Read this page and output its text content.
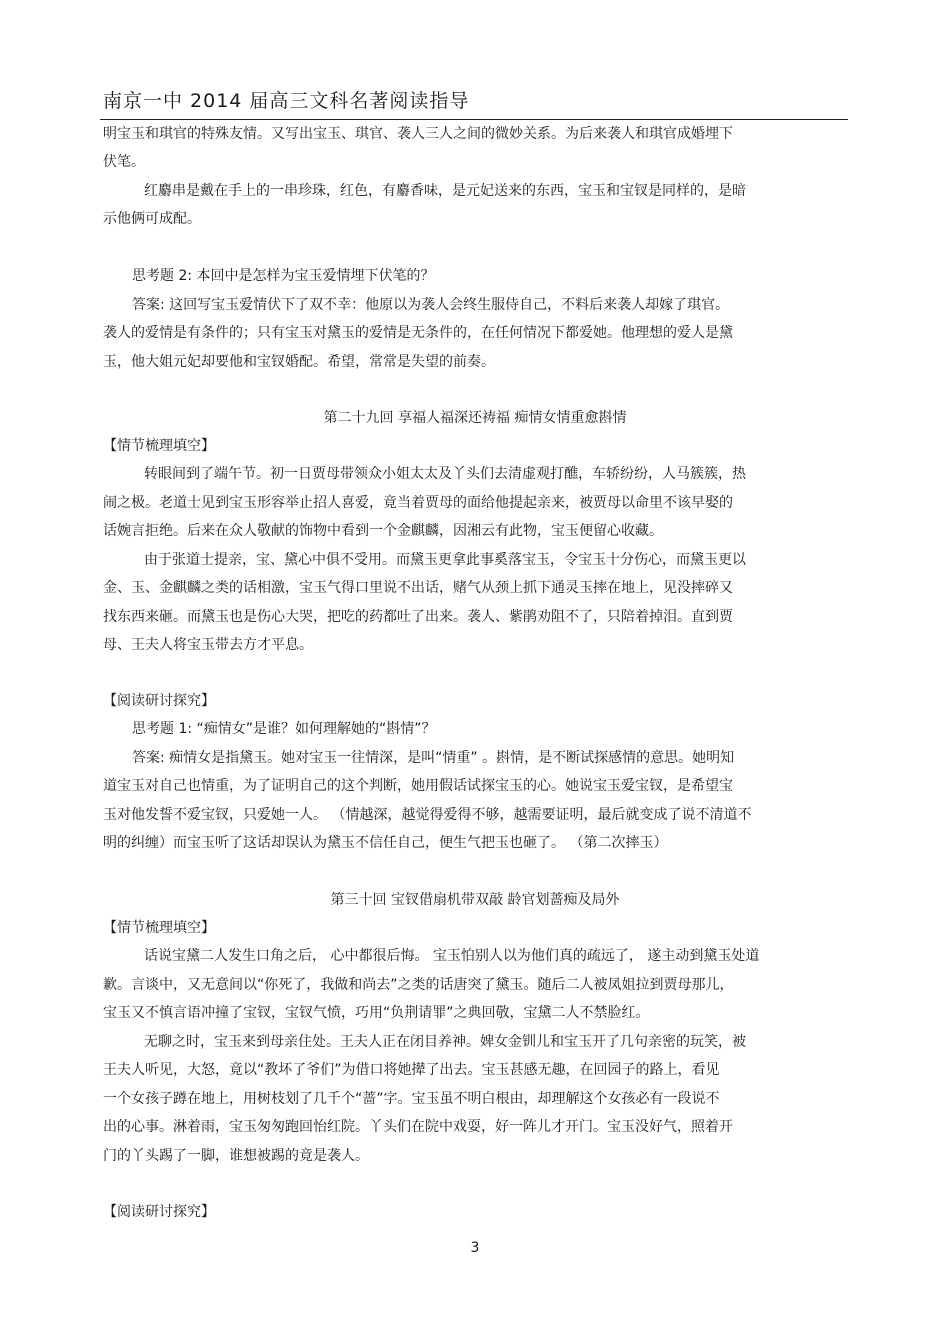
南京一中 2014 届高三文科名著阅读指导
明宝玉和琪官的特殊友情。又写出宝玉、琪官、袭人三人之间的微妙关系。为后来袭人和琪官成婚埋下
伏笔。
红麝串是戴在手上的一串珍珠，红色，有麝香味，是元妃送来的东西，宝玉和宝钗是同样的，是暗
示他俩可成配。
思考题 2: 本回中是怎样为宝玉爱情埋下伏笔的？
答案: 这回写宝玉爱情伏下了双不幸：他原以为袭人会终生服侍自己，不料后来袭人却嫁了琪官。
袭人的爱情是有条件的；只有宝玉对黛玉的爱情是无条件的，在任何情况下都爱她。他理想的爱人是黛
玉，他大姐元妃却要他和宝钗婚配。希望，常常是失望的前奏。
第二十九回 享福人福深还祷福 痴情女情重愈斟情
【情节梳理填空】
转眼间到了端午节。初一日贾母带领众小姐太太及丫头们去清虚观打醮，车轿纷纷，人马簇簇，热
闹之极。老道士见到宝玉形容举止招人喜爱，竟当着贾母的面给他提起亲来，被贾母以命里不该早娶的
话婉言拒绝。后来在众人敬献的饰物中看到一个金麒麟，因湘云有此物，宝玉便留心收藏。
由于张道士提亲，宝、黛心中俱不受用。而黛玉更拿此事奚落宝玉，令宝玉十分伤心，而黛玉更以
金、玉、金麒麟之类的话相激，宝玉气得口里说不出话，赌气从颈上抓下通灵玉摔在地上，见没摔碎又
找东西来砸。而黛玉也是伤心大哭，把吃的药都吐了出来。袭人、紫鹃劝阻不了，只陪着掉泪。直到贾
母、王夫人将宝玉带去方才平息。
【阅读研讨探究】
思考题 1: “痴情女”是谁？如何理解她的“斟情”？
答案: 痴情女是指黛玉。她对宝玉一往情深，是叫“情重” 。斟情，是不断试探感情的意思。她明知
道宝玉对自己也情重，为了证明自己的这个判断，她用假话试探宝玉的心。她说宝玉爱宝钗，是希望宝
玉对他发誓不爱宝钗，只爱她一人。 （情越深，越觉得爱得不够，越需要证明，最后就变成了说不清道不
明的纠缠）而宝玉听了这话却误认为黛玉不信任自己，便生气把玉也砸了。 （第二次摔玉）
第三十回 宝钗借扇机带双敲 龄官划蔷痴及局外
【情节梳理填空】
话说宝黛二人发生口角之后， 心中都很后悔。 宝玉怕别人以为他们真的疏远了， 遂主动到黛玉处道
歉。言谈中，又无意间以“你死了，我做和尚去”之类的话唐突了黛玉。随后二人被凤姐拉到贾母那儿，
宝玉又不慎言语冲撞了宝钗，宝钗气愤，巧用“负荆请罪”之典回敬，宝黛二人不禁脸红。
无聊之时，宝玉来到母亲住处。王夫人正在闭目养神。婢女金钏儿和宝玉开了几句亲密的玩笑，被
王夫人听见，大怒，竟以“教坏了爷们”为借口将她撵了出去。宝玉甚感无趣，在回园子的路上，看见
一个女孩子蹲在地上，用树枝划了几千个“蔷”字。宝玉虽不明白根由，却理解这个女孩必有一段说不
出的心事。淋着雨，宝玉匆匆跑回怡红院。丫头们在院中戏耍，好一阵儿才开门。宝玉没好气，照着开
门的丫头踢了一脚，谁想被踢的竟是袭人。
【阅读研讨探究】
3
